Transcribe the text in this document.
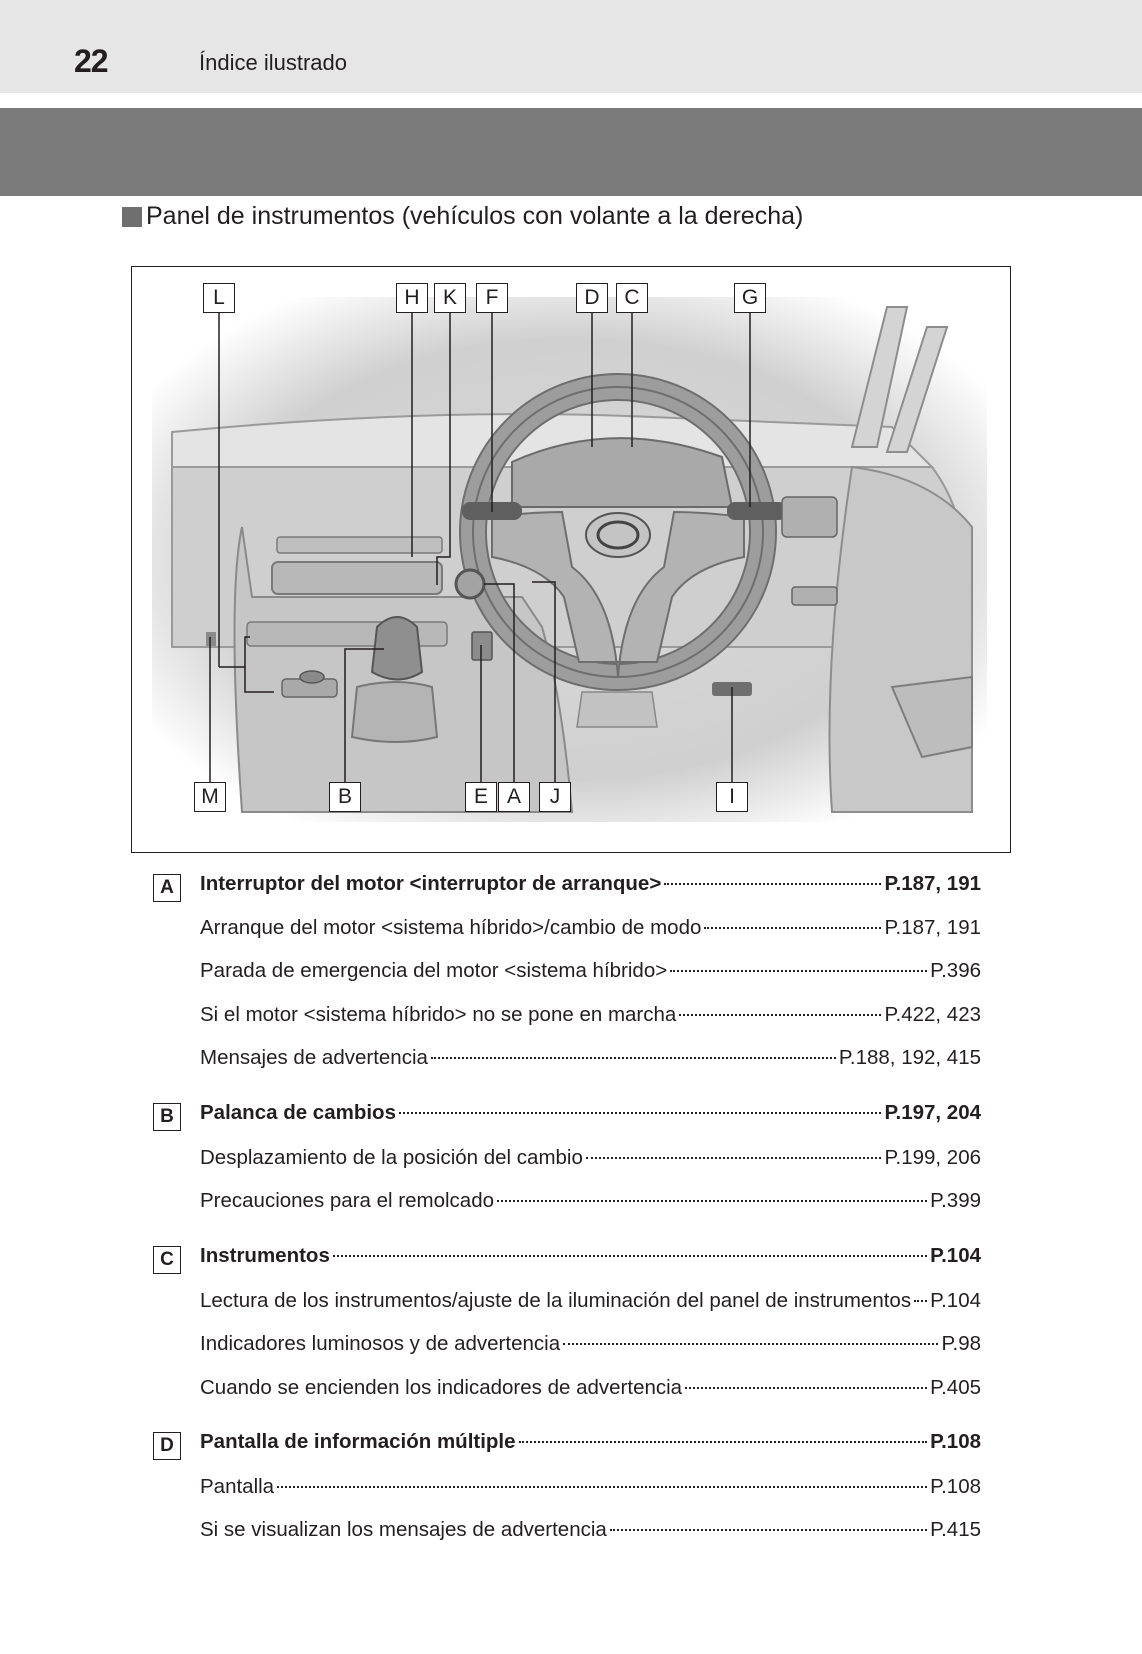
22	Índice ilustrado
Panel de instrumentos (vehículos con volante a la derecha)
L	H	K	F	D	C	G
M	B	E A	J	I
A	Interruptor del motor <interruptor de arranque>	P.187, 191
Arranque del motor <sistema híbrido>/cambio de modo	P.187, 191
Parada de emergencia del motor <sistema híbrido>	P.396
Si el motor <sistema híbrido> no se pone en marcha	P.422, 423
Mensajes de advertencia	P.188, 192, 415
B	Palanca de cambios	P.197, 204
Desplazamiento de la posición del cambio	P.199, 206
Precauciones para el remolcado	P.399
C	Instrumentos	P.104
Lectura de los instrumentos/ajuste de la iluminación del panel de instrumentos P.104
Indicadores luminosos y de advertencia	P.98
Cuando se encienden los indicadores de advertencia	P.405
D	Pantalla de información múltiple	P.108
Pantalla	P.108
Si se visualizan los mensajes de advertencia	P.415
